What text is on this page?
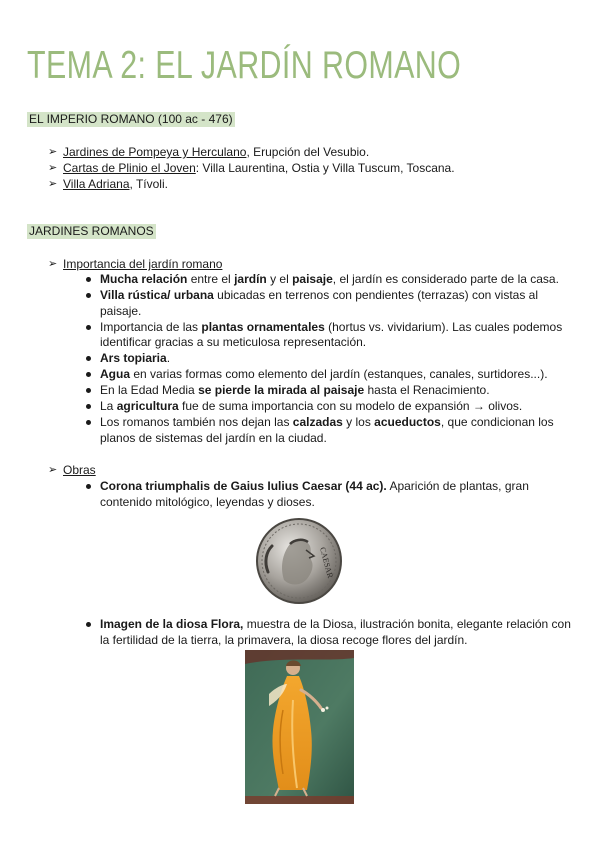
TEMA 2: EL JARDÍN ROMANO
EL IMPERIO ROMANO (100 ac - 476)
➢ Jardines de Pompeya y Herculano, Erupción del Vesubio.
➢ Cartas de Plinio el Joven: Villa Laurentina, Ostia y Villa Tuscum, Toscana.
➢ Villa Adriana, Tívoli.
JARDINES ROMANOS
➢ Importancia del jardín romano
Mucha relación entre el jardín y el paisaje, el jardín es considerado parte de la casa.
Villa rústica/ urbana ubicadas en terrenos con pendientes (terrazas) con vistas al paisaje.
Importancia de las plantas ornamentales (hortus vs. vividarium). Las cuales podemos identificar gracias a su meticulosa representación.
Ars topiaria.
Agua en varias formas como elemento del jardín (estanques, canales, surtidores...).
En la Edad Media se pierde la mirada al paisaje hasta el Renacimiento.
La agricultura fue de suma importancia con su modelo de expansión → olivos.
Los romanos también nos dejan las calzadas y los acueductos, que condicionan los planos de sistemas del jardín en la ciudad.
➢ Obras
Corona triumphalis de Gaius Iulius Caesar (44 ac). Aparición de plantas, gran contenido mitológico, leyendas y dioses.
CAESAR
Imagen de la diosa Flora, muestra de la Diosa, ilustración bonita, elegante relación con la fertilidad de la tierra, la primavera, la diosa recoge flores del jardín.
